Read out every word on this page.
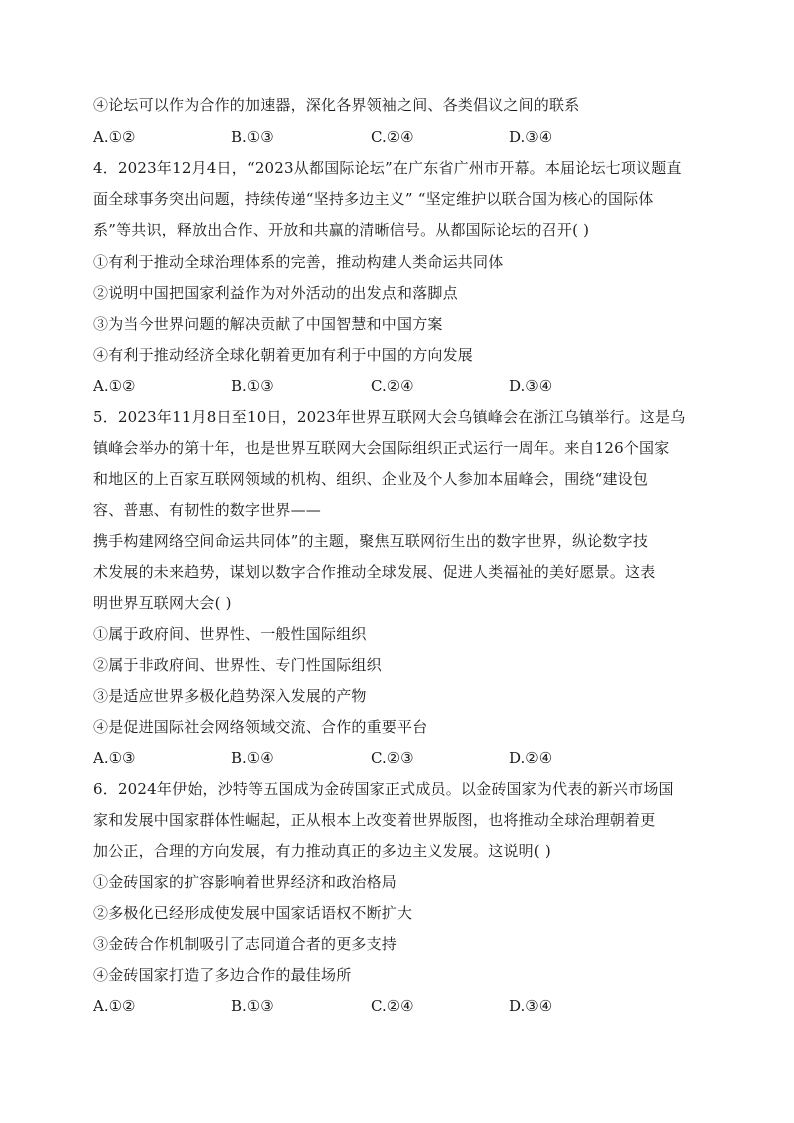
④论坛可以作为合作的加速器，深化各界领袖之间、各类倡议之间的联系
A.①②	B.①③	C.②④	D.③④
4．2023年12月4日，“2023从都国际论坛”在广东省广州市开幕。本届论坛七项议题直
面全球事务突出问题，持续传递“坚持多边主义” “坚定维护以联合国为核心的国际体
系”等共识，释放出合作、开放和共赢的清晰信号。从都国际论坛的召开( )
①有利于推动全球治理体系的完善，推动构建人类命运共同体
②说明中国把国家利益作为对外活动的出发点和落脚点
③为当今世界问题的解决贡献了中国智慧和中国方案
④有利于推动经济全球化朝着更加有利于中国的方向发展
A.①②	B.①③	C.②④	D.③④
5．2023年11月8日至10日，2023年世界互联网大会乌镇峰会在浙江乌镇举行。这是乌
镇峰会举办的第十年，也是世界互联网大会国际组织正式运行一周年。来自126个国家
和地区的上百家互联网领域的机构、组织、企业及个人参加本届峰会，围绕“建设包
容、普惠、有韧性的数字世界——
携手构建网络空间命运共同体”的主题，聚焦互联网衍生出的数字世界，纵论数字技
术发展的未来趋势，谋划以数字合作推动全球发展、促进人类福祉的美好愿景。这表
明世界互联网大会( )
①属于政府间、世界性、一般性国际组织
②属于非政府间、世界性、专门性国际组织
③是适应世界多极化趋势深入发展的产物
④是促进国际社会网络领域交流、合作的重要平台
A.①③	B.①④	C.②③	D.②④
6．2024年伊始，沙特等五国成为金砖国家正式成员。以金砖国家为代表的新兴市场国
家和发展中国家群体性崛起，正从根本上改变着世界版图，也将推动全球治理朝着更
加公正，合理的方向发展，有力推动真正的多边主义发展。这说明( )
①金砖国家的扩容影响着世界经济和政治格局
②多极化已经形成使发展中国家话语权不断扩大
③金砖合作机制吸引了志同道合者的更多支持
④金砖国家打造了多边合作的最佳场所
A.①②	B.①③	C.②④	D.③④
